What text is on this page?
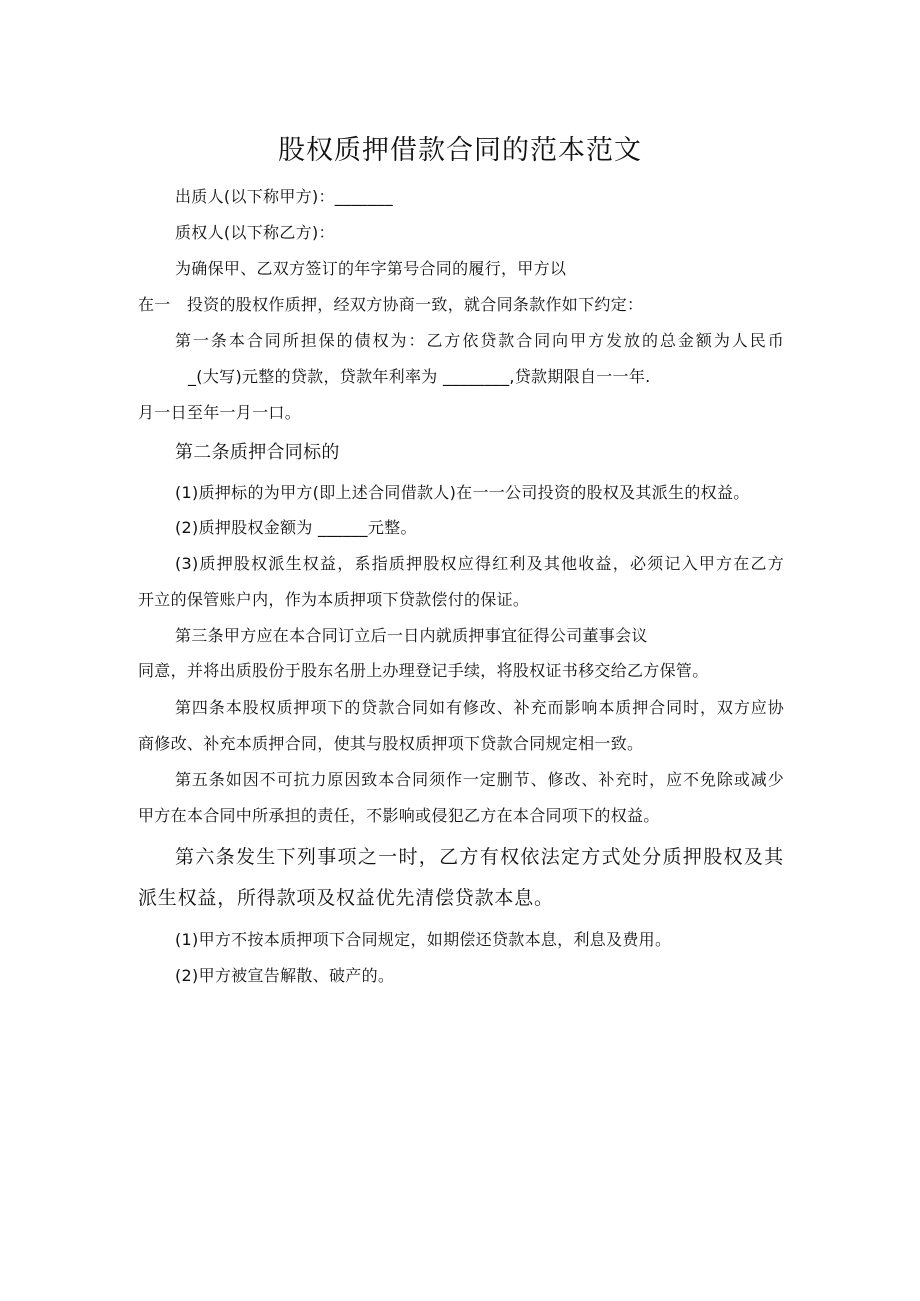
股权质押借款合同的范本范文
出质人(以下称甲方)：_______
质权人(以下称乙方)：
为确保甲、乙双方签订的年字第号合同的履行，甲方以
在一　投资的股权作质押，经双方协商一致，就合同条款作如下约定：
第一条本合同所担保的债权为：乙方依贷款合同向甲方发放的总金额为人民币
_(大写)元整的贷款，贷款年利率为 ________,贷款期限自一一年.
月一日至年一月一口。
第二条质押合同标的
(1)质押标的为甲方(即上述合同借款人)在一一公司投资的股权及其派生的权益。
(2)质押股权金额为 ______元整。
(3)质押股权派生权益，系指质押股权应得红利及其他收益，必须记入甲方在乙方
开立的保管账户内，作为本质押项下贷款偿付的保证。
第三条甲方应在本合同订立后一日内就质押事宜征得公司董事会议
同意，并将出质股份于股东名册上办理登记手续，将股权证书移交给乙方保管。
第四条本股权质押项下的贷款合同如有修改、补充而影响本质押合同时，双方应协
商修改、补充本质押合同，使其与股权质押项下贷款合同规定相一致。
第五条如因不可抗力原因致本合同须作一定删节、修改、补充时，应不免除或减少
甲方在本合同中所承担的责任，不影响或侵犯乙方在本合同项下的权益。
第六条发生下列事项之一时，乙方有权依法定方式处分质押股权及其
派生权益，所得款项及权益优先清偿贷款本息。
(1)甲方不按本质押项下合同规定，如期偿还贷款本息，利息及费用。
(2)甲方被宣告解散、破产的。
